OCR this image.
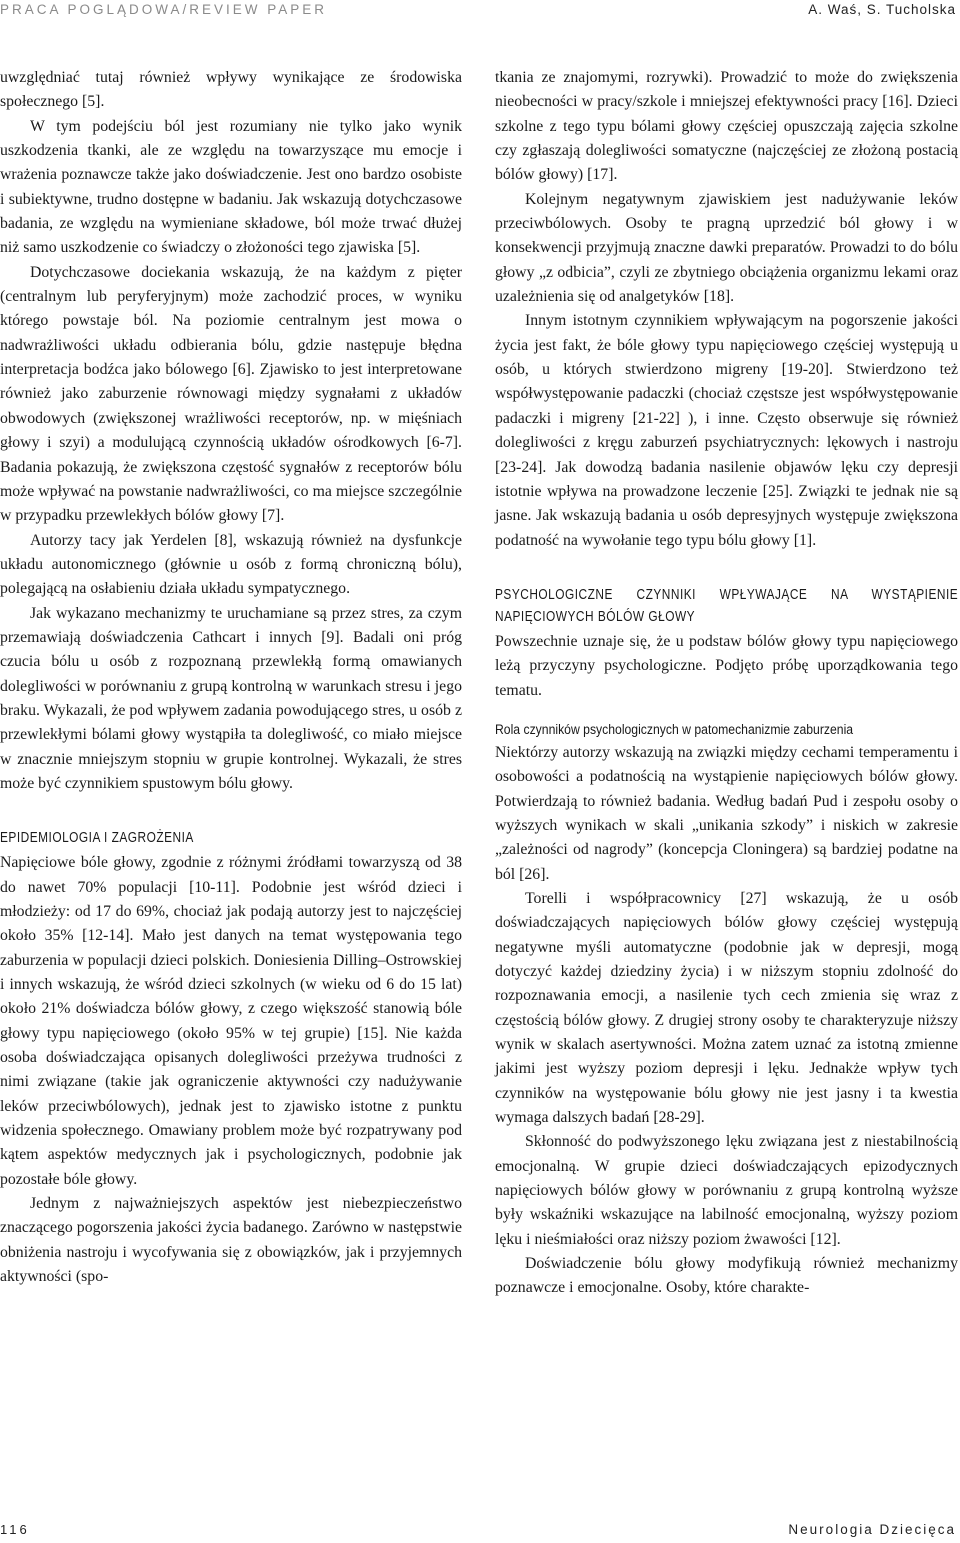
PRACA POGLĄDOWA/REVIEW PAPER	A. Waś, S. Tucholska

uwzględniać tutaj również wpływy wynikające ze środowiska społecznego [5].

W tym podejściu ból jest rozumiany nie tylko jako wynik uszkodzenia tkanki, ale ze względu na towarzyszące mu emocje i wrażenia poznawcze także jako doświadczenie. Jest ono bardzo osobiste i subiektywne, trudno dostępne w badaniu. Jak wskazują dotychczasowe badania, ze względu na wymieniane składowe, ból może trwać dłużej niż samo uszkodzenie co świadczy o złożoności tego zjawiska [5].

Dotychczasowe dociekania wskazują, że na każdym z pięter (centralnym lub peryferyjnym) może zachodzić proces, w wyniku którego powstaje ból. Na poziomie centralnym jest mowa o nadwrażliwości układu odbierania bólu, gdzie następuje błędna interpretacja bodźca jako bólowego [6]. Zjawisko to jest interpretowane również jako zaburzenie równowagi między sygnałami z układów obwodowych (zwiększonej wrażliwości receptorów, np. w mięśniach głowy i szyi) a modulującą czynnością układów ośrodkowych [6-7]. Badania pokazują, że zwiększona częstość sygnałów z receptorów bólu może wpływać na powstanie nadwrażliwości, co ma miejsce szczególnie w przypadku przewlekłych bólów głowy [7].

Autorzy tacy jak Yerdelen [8], wskazują również na dysfunkcje układu autonomicznego (głównie u osób z formą chroniczną bólu), polegającą na osłabieniu działa układu sympatycznego.

Jak wykazano mechanizmy te uruchamiane są przez stres, za czym przemawiają doświadczenia Cathcart i innych [9]. Badali oni próg czucia bólu u osób z rozpoznaną przewlekłą formą omawianych dolegliwości w porównaniu z grupą kontrolną w warunkach stresu i jego braku. Wykazali, że pod wpływem zadania powodującego stres, u osób z przewlekłymi bólami głowy wystąpiła ta dolegliwość, co miało miejsce w znacznie mniejszym stopniu w grupie kontrolnej. Wykazali, że stres może być czynnikiem spustowym bólu głowy.

EPIDEMIOLOGIA I ZAGROŻENIA

Napięciowe bóle głowy, zgodnie z różnymi źródłami towarzyszą od 38 do nawet 70% populacji [10-11]. Podobnie jest wśród dzieci i młodzieży: od 17 do 69%, chociaż jak podają autorzy jest to najczęściej około 35% [12-14]. Mało jest danych na temat występowania tego zaburzenia w populacji dzieci polskich. Doniesienia Dilling–Ostrowskiej i innych wskazują, że wśród dzieci szkolnych (w wieku od 6 do 15 lat) około 21% doświadcza bólów głowy, z czego większość stanowią bóle głowy typu napięciowego (około 95% w tej grupie) [15]. Nie każda osoba doświadczająca opisanych dolegliwości przeżywa trudności z nimi związane (takie jak ograniczenie aktywności czy nadużywanie leków przeciwbólowych), jednak jest to zjawisko istotne z punktu widzenia społecznego. Omawiany problem może być rozpatrywany pod kątem aspektów medycznych jak i psychologicznych, podobnie jak pozostałe bóle głowy.

Jednym z najważniejszych aspektów jest niebezpieczeństwo znaczącego pogorszenia jakości życia badanego. Zarówno w następstwie obniżenia nastroju i wycofywania się z obowiązków, jak i przyjemnych aktywności (spo-

tkania ze znajomymi, rozrywki). Prowadzić to może do zwiększenia nieobecności w pracy/szkole i mniejszej efektywności pracy [16]. Dzieci szkolne z tego typu bólami głowy częściej opuszczają zajęcia szkolne czy zgłaszają dolegliwości somatyczne (najczęściej ze złożoną postacią bólów głowy) [17].

Kolejnym negatywnym zjawiskiem jest nadużywanie leków przeciwbólowych. Osoby te pragną uprzedzić ból głowy i w konsekwencji przyjmują znaczne dawki preparatów. Prowadzi to do bólu głowy „z odbicia”, czyli ze zbytniego obciążenia organizmu lekami oraz uzależnienia się od analgetyków [18].

Innym istotnym czynnikiem wpływającym na pogorszenie jakości życia jest fakt, że bóle głowy typu napięciowego częściej występują u osób, u których stwierdzono migreny [19-20]. Stwierdzono też współwystępowanie padaczki (chociaż częstsze jest współwystępowanie padaczki i migreny [21-22] ), i inne. Często obserwuje się również dolegliwości z kręgu zaburzeń psychiatrycznych: lękowych i nastroju [23-24]. Jak dowodzą badania nasilenie objawów lęku czy depresji istotnie wpływa na prowadzone leczenie [25]. Związki te jednak nie są jasne. Jak wskazują badania u osób depresyjnych występuje zwiększona podatność na wywołanie tego typu bólu głowy [1].

PSYCHOLOGICZNE CZYNNIKI WPŁYWAJĄCE NA WYSTĄPIENIE NAPIĘCIOWYCH BÓLÓW GŁOWY

Powszechnie uznaje się, że u podstaw bólów głowy typu napięciowego leżą przyczyny psychologiczne. Podjęto próbę uporządkowania tego tematu.

Rola czynników psychologicznych w patomechanizmie zaburzenia

Niektórzy autorzy wskazują na związki między cechami temperamentu i osobowości a podatnością na wystąpienie napięciowych bólów głowy. Potwierdzają to również badania. Według badań Pud i zespołu osoby o wyższych wynikach w skali „unikania szkody” i niskich w zakresie „zależności od nagrody” (koncepcja Cloningera) są bardziej podatne na ból [26].

Torelli i współpracownicy [27] wskazują, że u osób doświadczających napięciowych bólów głowy częściej występują negatywne myśli automatyczne (podobnie jak w depresji, mogą dotyczyć każdej dziedziny życia) i w niższym stopniu zdolność do rozpoznawania emocji, a nasilenie tych cech zmienia się wraz z częstością bólów głowy. Z drugiej strony osoby te charakteryzuje niższy wynik w skalach asertywności. Można zatem uznać za istotną zmienne jakimi jest wyższy poziom depresji i lęku. Jednakże wpływ tych czynników na występowanie bólu głowy nie jest jasny i ta kwestia wymaga dalszych badań [28-29].

Skłonność do podwyższonego lęku związana jest z niestabilnością emocjonalną. W grupie dzieci doświadczających epizodycznych napięciowych bólów głowy w porównaniu z grupą kontrolną wyższe były wskaźniki wskazujące na labilność emocjonalną, wyższy poziom lęku i nieśmiałości oraz niższy poziom żwawości [12].

Doświadczenie bólu głowy modyfikują również mechanizmy poznawcze i emocjonalne. Osoby, które charakte-

116	Neurologia Dziecięca
